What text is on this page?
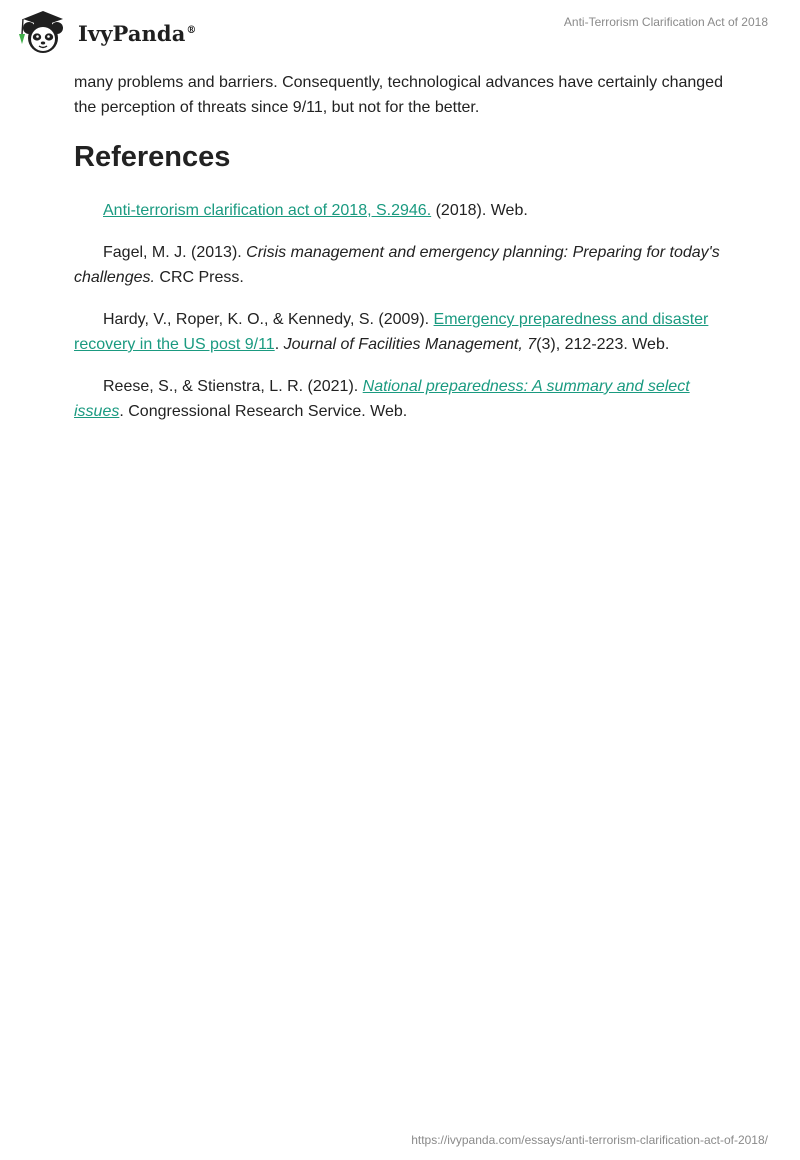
IvyPanda®
Anti-Terrorism Clarification Act of 2018

many problems and barriers. Consequently, technological advances have certainly changed the perception of threats since 9/11, but not for the better.

References

Anti-terrorism clarification act of 2018, S.2946. (2018). Web.

Fagel, M. J. (2013). Crisis management and emergency planning: Preparing for today's challenges. CRC Press.

Hardy, V., Roper, K. O., & Kennedy, S. (2009). Emergency preparedness and disaster recovery in the US post 9/11. Journal of Facilities Management, 7(3), 212-223. Web.

Reese, S., & Stienstra, L. R. (2021). National preparedness: A summary and select issues. Congressional Research Service. Web.

https://ivypanda.com/essays/anti-terrorism-clarification-act-of-2018/
